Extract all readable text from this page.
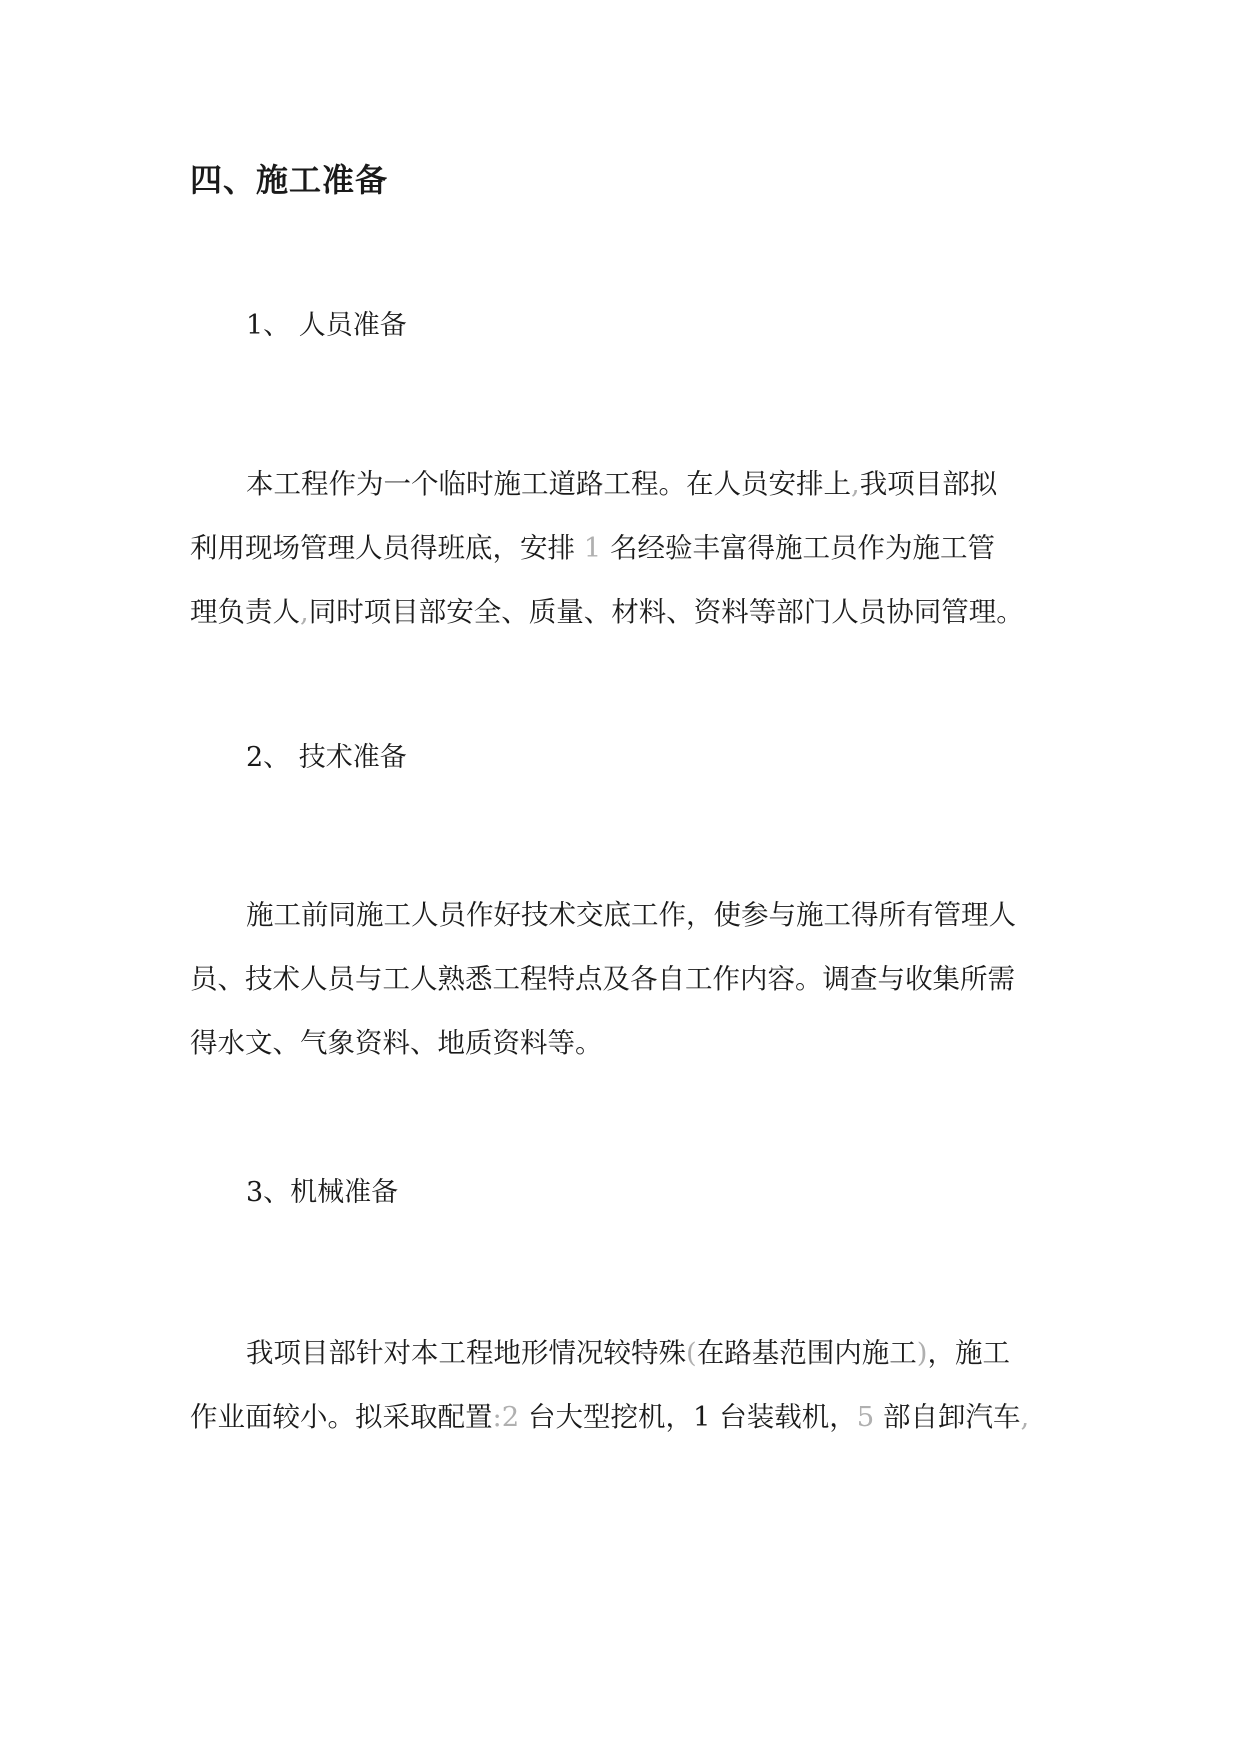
四、施工准备
1、 人员准备

本工程作为一个临时施工道路工程。在人员安排上,我项目部拟
利用现场管理人员得班底，安排 1 名经验丰富得施工员作为施工管
理负责人,同时项目部安全、质量、材料、资料等部门人员协同管理。

2、 技术准备

施工前同施工人员作好技术交底工作，使参与施工得所有管理人
员、技术人员与工人熟悉工程特点及各自工作内容。调查与收集所需
得水文、气象资料、地质资料等。

3、机械准备

我项目部针对本工程地形情况较特殊(在路基范围内施工)，施工
作业面较小。拟采取配置:2 台大型挖机，1 台装载机，5 部自卸汽车,
